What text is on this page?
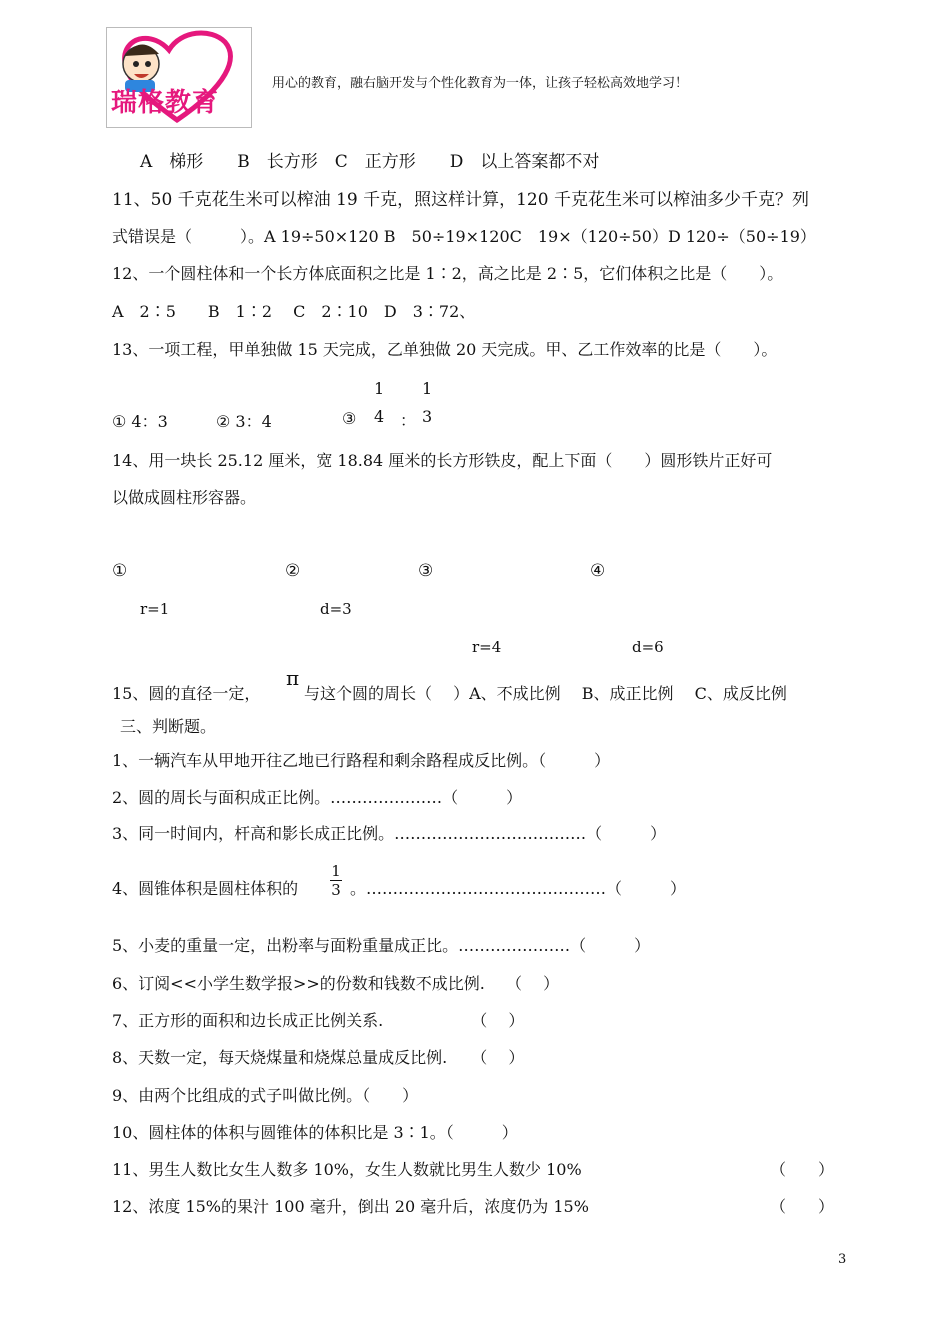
瑞格教育
用心的教育，融右脑开发与个性化教育为一体，让孩子轻松高效地学习！
A　梯形　　B　长方形　C　正方形　　D　以上答案都不对
11、50 千克花生米可以榨油 19 千克，照这样计算，120 千克花生米可以榨油多少千克？列
式错误是（　　　）。A 19÷50×120 B　50÷19×120C　19×（120÷50）D 120÷（50÷19）
12、一个圆柱体和一个长方体底面积之比是 1∶2，高之比是 2∶5，它们体积之比是（　　）。
A　2∶5　　B　1∶2　 C　2∶10　D　3∶72、
13、一项工程，甲单独做 15 天完成，乙单独做 20 天完成。甲、乙工作效率的比是（　　）。
1
4 ：
1
3
① 4：3	② 3：4	③
14、用一块长 25.12 厘米，宽 18.84 厘米的长方形铁皮，配上下面（　　）圆形铁片正好可
以做成圆柱形容器。
①	②	③	④
r=1	d=3
r=4	d=6
π
15、圆的直径一定，	与这个圆的周长（　 ）A、不成比例　 B、成正比例　 C、成反比例
三、判断题。
1、一辆汽车从甲地开往乙地已行路程和剩余路程成反比例。（　　　）
2、圆的周长与面积成正比例。…………………（　　　）
3、同一时间内，杆高和影长成正比例。………………………………（　　　）
4、圆锥体积是圆柱体积的
1
3 。………………………………………（　　　）
5、小麦的重量一定，出粉率与面粉重量成正比。…………………（　　　）
6、订阅<<小学生数学报>>的份数和钱数不成比例.　 （　 ）
7、正方形的面积和边长成正比例关系.　　　　　　（　 ）
8、天数一定，每天烧煤量和烧煤总量成反比例.　　（　 ）
9、由两个比组成的式子叫做比例。（　　）
10、圆柱体的体积与圆锥体的体积比是 3∶1。（　　　）
11、男生人数比女生人数多 10%，女生人数就比男生人数少 10%	（　　）
12、浓度 15%的果汁 100 毫升，倒出 20 毫升后，浓度仍为 15%	（　　）
3
